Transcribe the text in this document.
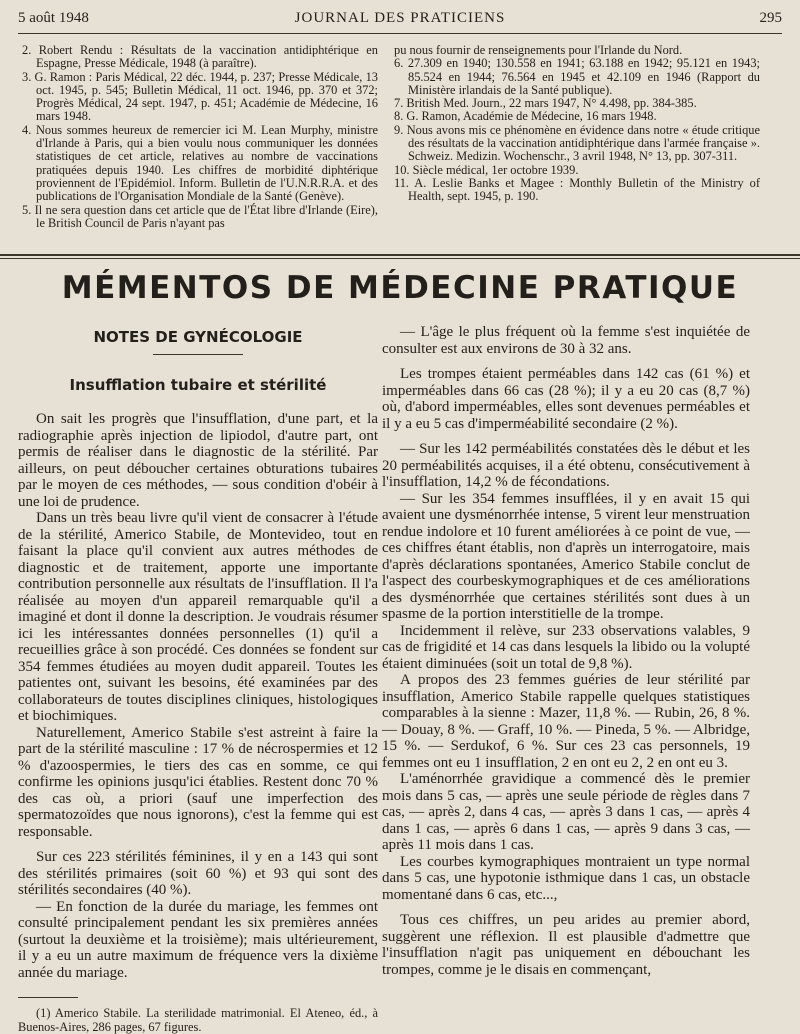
5 août 1948	JOURNAL DES PRATICIENS	295

2. Robert Rendu : Résultats de la vaccination antidiphtérique en Espagne, Presse Médicale, 1948 (à paraître).

3. G. Ramon : Paris Médical, 22 déc. 1944, p. 237; Presse Médicale, 13 oct. 1945, p. 545; Bulletin Médical, 11 oct. 1946, pp. 370 et 372; Progrès Médical, 24 sept. 1947, p. 451; Académie de Médecine, 16 mars 1948.

4. Nous sommes heureux de remercier ici M. Lean Murphy, ministre d'Irlande à Paris, qui a bien voulu nous communiquer les données statistiques de cet article, relatives au nombre de vaccinations pratiquées depuis 1940. Les chiffres de morbidité diphtérique proviennent de l'Epidémiol. Inform. Bulletin de l'U.N.R.R.A. et des publications de l'Organisation Mondiale de la Santé (Genève).

5. Il ne sera question dans cet article que de l'État libre d'Irlande (Eire), le British Council de Paris n'ayant pas

pu nous fournir de renseignements pour l'Irlande du Nord.

6. 27.309 en 1940; 130.558 en 1941; 63.188 en 1942; 95.121 en 1943; 85.524 en 1944; 76.564 en 1945 et 42.109 en 1946 (Rapport du Ministère irlandais de la Santé publique).

7. British Med. Journ., 22 mars 1947, N° 4.498, pp. 384-385.

8. G. Ramon, Académie de Médecine, 16 mars 1948.

9. Nous avons mis ce phénomène en évidence dans notre « étude critique des résultats de la vaccination antidiphtérique dans l'armée française ». Schweiz. Medizin. Wochenschr., 3 avril 1948, N° 13, pp. 307-311.

10. Siècle médical, 1er octobre 1939.

11. A. Leslie Banks et Magee : Monthly Bulletin of the Ministry of Health, sept. 1945, p. 190.

MÉMENTOS DE MÉDECINE PRATIQUE
NOTES DE GYNÉCOLOGIE
Insufflation tubaire et stérilité

On sait les progrès que l'insufflation, d'une part, et la radiographie après injection de lipiodol, d'autre part, ont permis de réaliser dans le diagnostic de la stérilité. Par ailleurs, on peut déboucher certaines obturations tubaires par le moyen de ces méthodes, — sous condition d'obéir à une loi de prudence.

Dans un très beau livre qu'il vient de consacrer à l'étude de la stérilité, Americo Stabile, de Montevideo, tout en faisant la place qu'il convient aux autres méthodes de diagnostic et de traitement, apporte une importante contribution personnelle aux résultats de l'insufflation. Il l'a réalisée au moyen d'un appareil remarquable qu'il a imaginé et dont il donne la description. Je voudrais résumer ici les intéressantes données personnelles (1) qu'il a recueillies grâce à son procédé. Ces données se fondent sur 354 femmes étudiées au moyen dudit appareil. Toutes les patientes ont, suivant les besoins, été examinées par des collaborateurs de toutes disciplines cliniques, histologiques et biochimiques.

Naturellement, Americo Stabile s'est astreint à faire la part de la stérilité masculine : 17 % de nécrospermies et 12 % d'azoospermies, le tiers des cas en somme, ce qui confirme les opinions jusqu'ici établies. Restent donc 70 % des cas où, a priori (sauf une imperfection des spermatozoïdes que nous ignorons), c'est la femme qui est responsable.

Sur ces 223 stérilités féminines, il y en a 143 qui sont des stérilités primaires (soit 60 %) et 93 qui sont des stérilités secondaires (40 %).

— En fonction de la durée du mariage, les femmes ont consulté principalement pendant les six premières années (surtout la deuxième et la troisième); mais ultérieurement, il y a eu un autre maximum de fréquence vers la dixième année du mariage.

(1) Americo Stabile. La sterilidade matrimonial. El Ateneo, éd., à Buenos-Aires, 286 pages, 67 figures.

— L'âge le plus fréquent où la femme s'est inquiétée de consulter est aux environs de 30 à 32 ans.

Les trompes étaient perméables dans 142 cas (61 %) et imperméables dans 66 cas (28 %); il y a eu 20 cas (8,7 %) où, d'abord imperméables, elles sont devenues perméables et il y a eu 5 cas d'imperméabilité secondaire (2 %).

— Sur les 142 perméabilités constatées dès le début et les 20 perméabilités acquises, il a été obtenu, consécutivement à l'insufflation, 14,2 % de fécondations.

— Sur les 354 femmes insufflées, il y en avait 15 qui avaient une dysménorrhée intense, 5 virent leur menstruation rendue indolore et 10 furent améliorées à ce point de vue, — ces chiffres étant établis, non d'après un interrogatoire, mais d'après déclarations spontanées, Americo Stabile conclut de l'aspect des courbeskymographiques et de ces améliorations des dysménorrhée que certaines stérilités sont dues à un spasme de la portion interstitielle de la trompe.

Incidemment il relève, sur 233 observations valables, 9 cas de frigidité et 14 cas dans lesquels la libido ou la volupté étaient diminuées (soit un total de 9,8 %).

A propos des 23 femmes guéries de leur stérilité par insufflation, Americo Stabile rappelle quelques statistiques comparables à la sienne : Mazer, 11,8 %. — Rubin, 26, 8 %. — Douay, 8 %. — Graff, 10 %. — Pineda, 5 %. — Albridge, 15 %. — Serdukof, 6 %. Sur ces 23 cas personnels, 19 femmes ont eu 1 insufflation, 2 en ont eu 2, 2 en ont eu 3.

L'aménorrhée gravidique a commencé dès le premier mois dans 5 cas, — après une seule période de règles dans 7 cas, — après 2, dans 4 cas, — après 3 dans 1 cas, — après 4 dans 1 cas, — après 6 dans 1 cas, — après 9 dans 3 cas, — après 11 mois dans 1 cas.

Les courbes kymographiques montraient un type normal dans 5 cas, une hypotonie isthmique dans 1 cas, un obstacle momentané dans 6 cas, etc...,

Tous ces chiffres, un peu arides au premier abord, suggèrent une réflexion. Il est plausible d'admettre que l'insufflation n'agit pas uniquement en débouchant les trompes, comme je le disais en commençant,
